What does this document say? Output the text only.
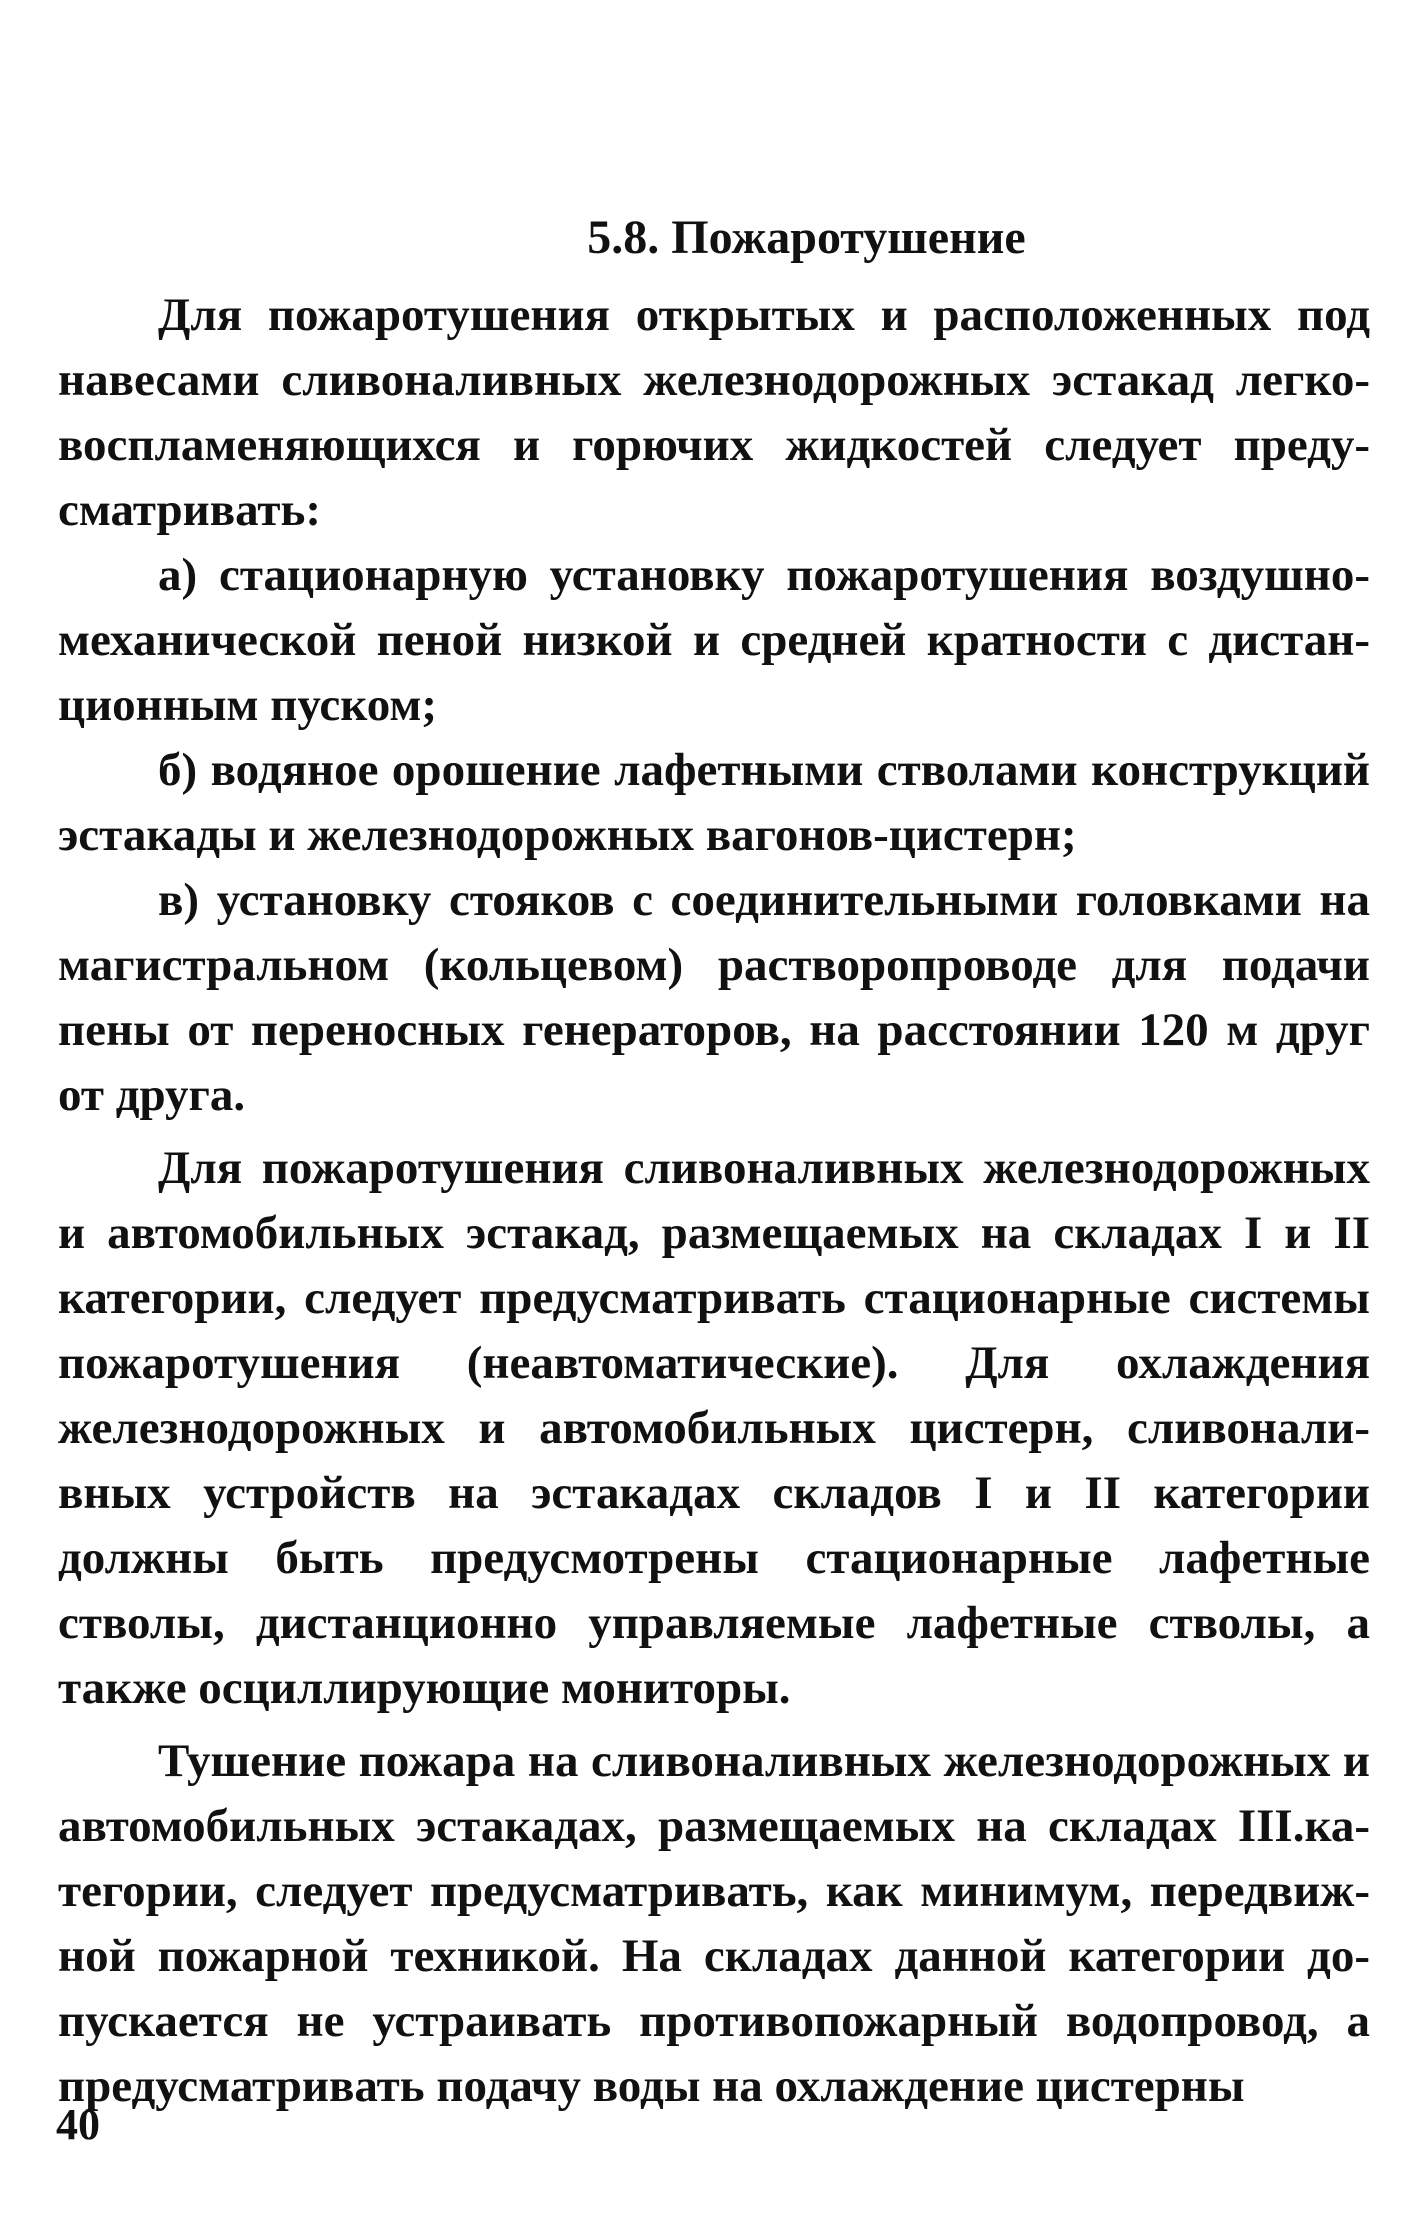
5.8. Пожаротушение

Для пожаротушения открытых и расположенных под навесами сливоналивных железнодорожных эстакад легковоспламеняющихся и горючих жидкостей следует предусматривать:

а) стационарную установку пожаротушения воздушномеханической пеной низкой и средней кратности с дистанционным пуском;

б) водяное орошение лафетными стволами конструкций эстакады и железнодорожных вагонов-цистерн;

в) установку стояков с соединительными головками на магистральном (кольцевом) растворопроводе для подачи пены от переносных генераторов, на расстоянии 120 м друг от друга.

Для пожаротушения сливоналивных железнодорожных и автомобильных эстакад, размещаемых на складах I и II категории, следует предусматривать стационарные системы пожаротушения (неавтоматические). Для охлаждения железнодорожных и автомобильных цистерн, сливоналивных устройств на эстакадах складов I и II категории должны быть предусмотрены стационарные лафетные стволы, дистанционно управляемые лафетные стволы, а также осциллирующие мониторы.

Тушение пожара на сливоналивных железнодорожных и автомобильных эстакадах, размещаемых на складах III.категории, следует предусматривать, как минимум, передвижной пожарной техникой. На складах данной категории допускается не устраивать противопожарный водопровод, а предусматривать подачу воды на охлаждение цистерны

40
